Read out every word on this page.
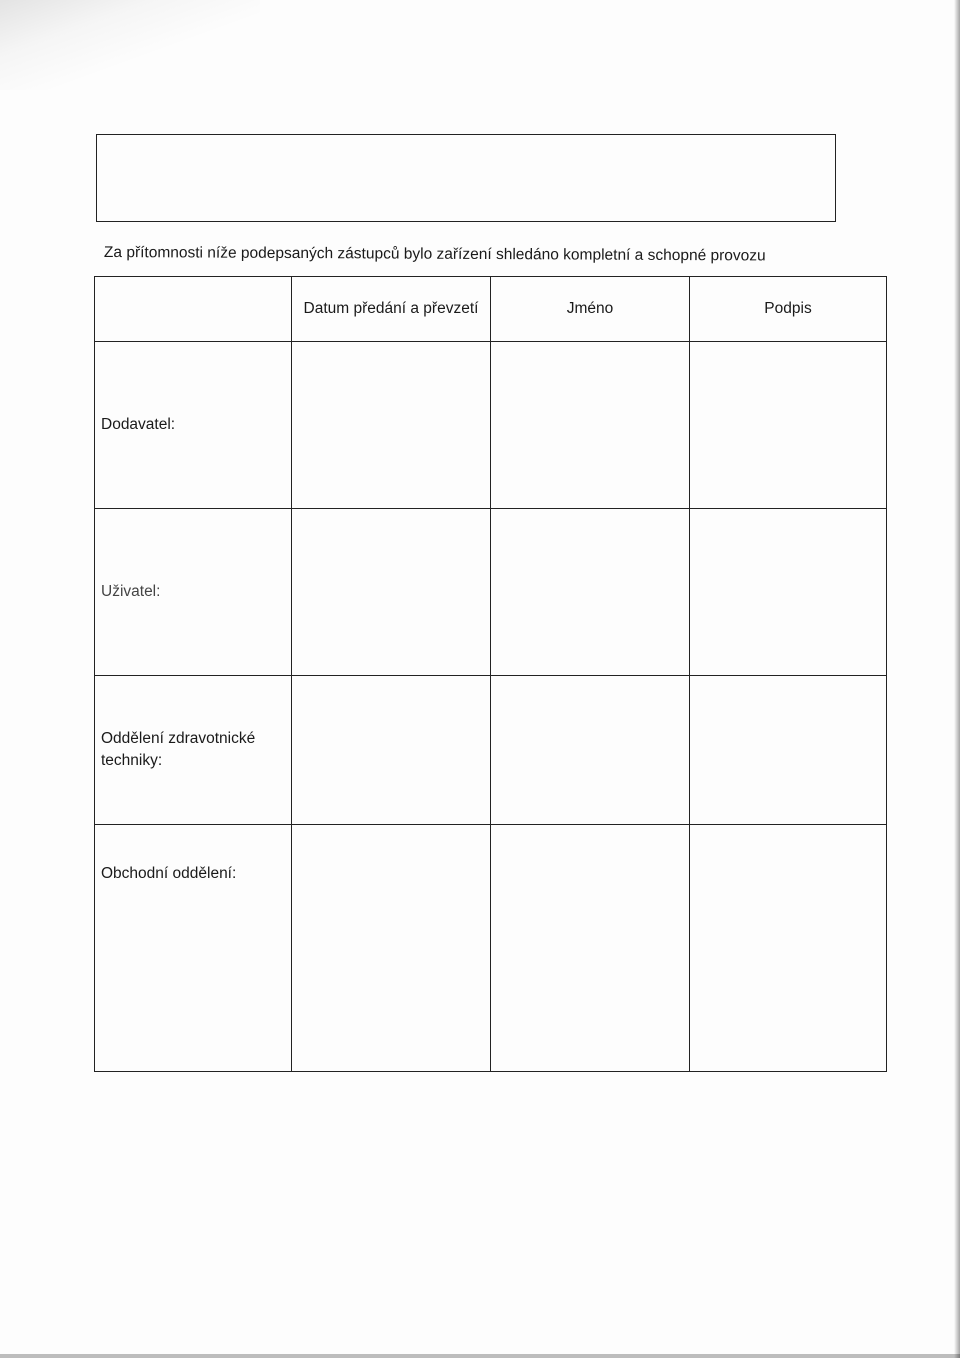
Za přítomnosti níže podepsaných zástupců bylo zařízení shledáno kompletní a schopné provozu
	Datum předání a převzetí	Jméno	Podpis
Dodavatel:			
Uživatel:			
Oddělení zdravotnické techniky:			
Obchodní oddělení:			
